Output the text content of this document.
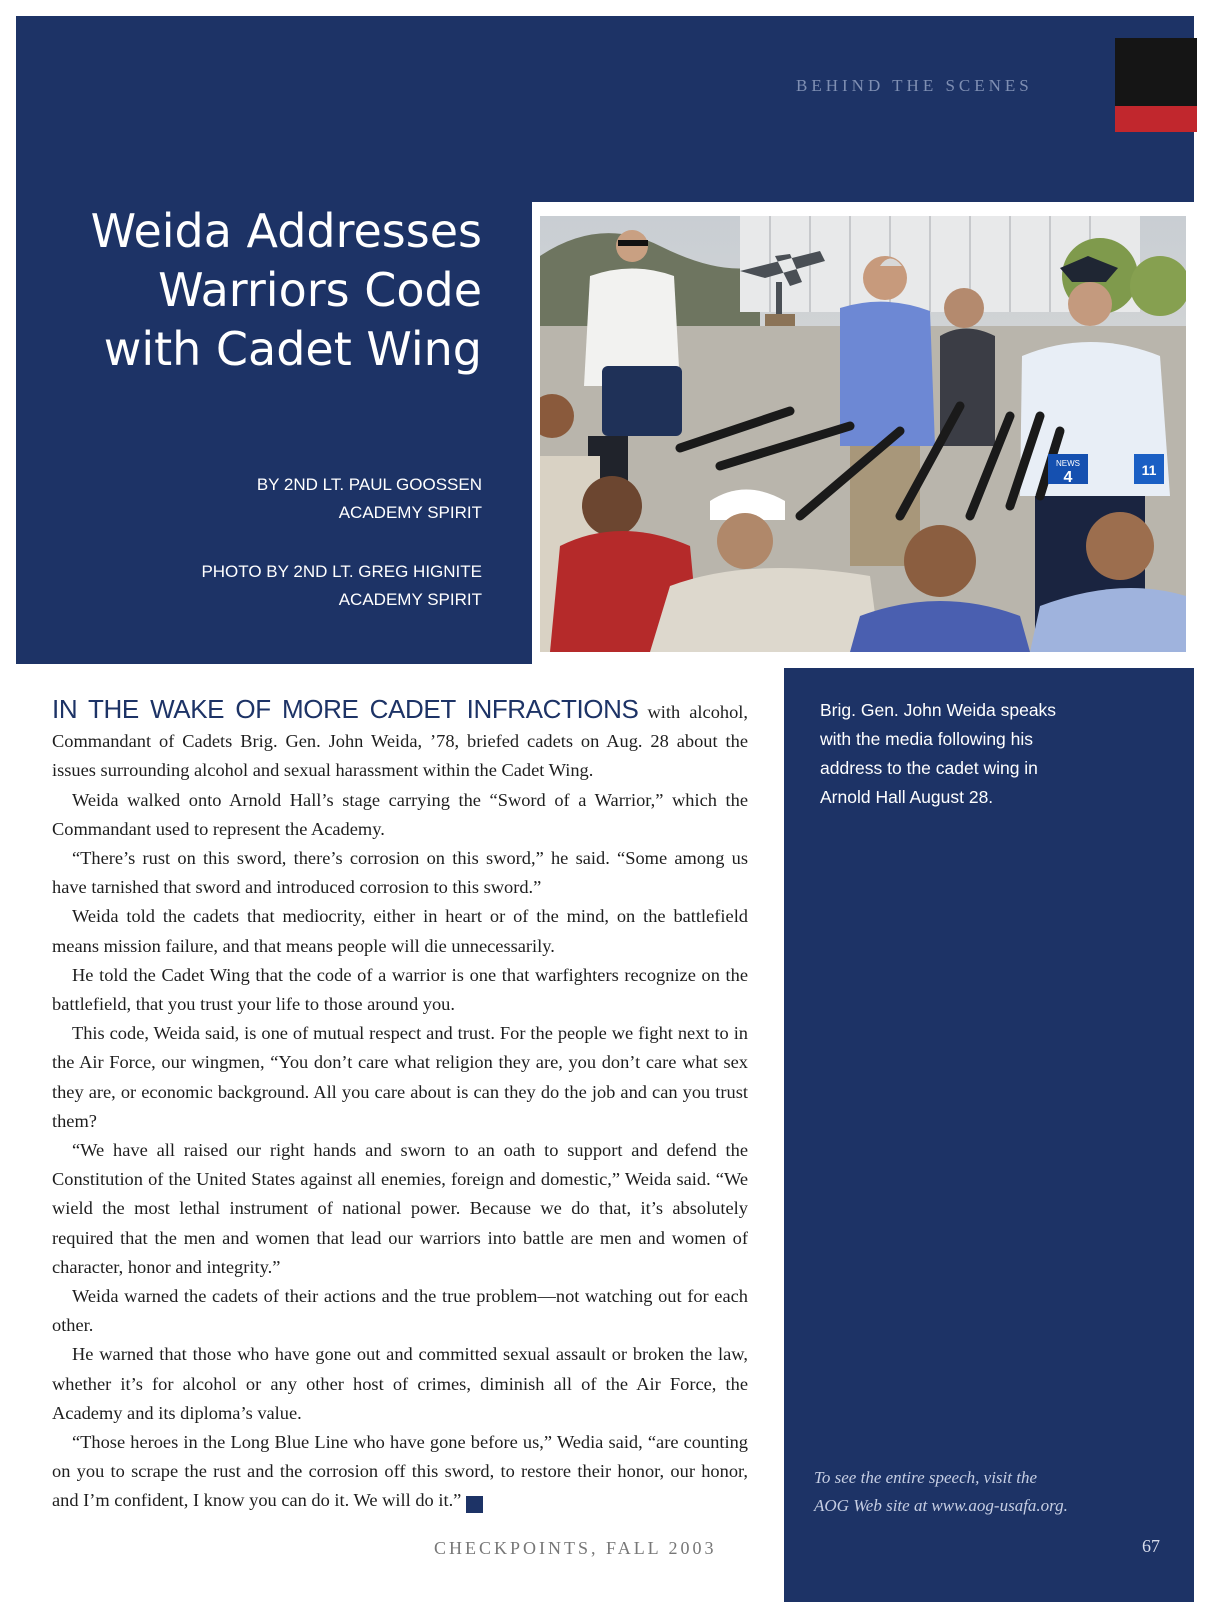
BEHIND THE SCENES
Weida Addresses
Warriors Code
with Cadet Wing
BY 2ND LT. PAUL GOOSSEN
ACADEMY SPIRIT
PHOTO BY 2ND LT. GREG HIGNITE
ACADEMY SPIRIT
NEWS
4	11
Brig. Gen. John Weida speaks with the media following his address to the cadet wing in Arnold Hall August 28.
To see the entire speech, visit the
AOG Web site at www.aog-usafa.org.

IN THE WAKE OF MORE CADET INFRACTIONS with alcohol, Commandant of Cadets Brig. Gen. John Weida, ’78, briefed cadets on Aug. 28 about the issues surrounding alcohol and sexual harassment within the Cadet Wing.

Weida walked onto Arnold Hall’s stage carrying the “Sword of a Warrior,” which the Commandant used to represent the Academy.

“There’s rust on this sword, there’s corrosion on this sword,” he said. “Some among us have tarnished that sword and introduced corrosion to this sword.”

Weida told the cadets that mediocrity, either in heart or of the mind, on the battlefield means mission failure, and that means people will die unnecessarily.

He told the Cadet Wing that the code of a warrior is one that warfighters recognize on the battlefield, that you trust your life to those around you.

This code, Weida said, is one of mutual respect and trust. For the people we fight next to in the Air Force, our wingmen, “You don’t care what religion they are, you don’t care what sex they are, or economic background. All you care about is can they do the job and can you trust them?

“We have all raised our right hands and sworn to an oath to support and defend the Constitution of the United States against all enemies, foreign and domestic,” Weida said. “We wield the most lethal instrument of national power. Because we do that, it’s absolutely required that the men and women that lead our warriors into battle are men and women of character, honor and integrity.”

Weida warned the cadets of their actions and the true problem—not watching out for each other.

He warned that those who have gone out and committed sexual assault or broken the law, whether it’s for alcohol or any other host of crimes, diminish all of the Air Force, the Academy and its diploma’s value.

“Those heroes in the Long Blue Line who have gone before us,” Wedia said, “are counting on you to scrape the rust and the corrosion off this sword, to restore their honor, our honor, and I’m confident, I know you can do it. We will do it.” ✓

CHECKPOINTS, FALL 2003	67
